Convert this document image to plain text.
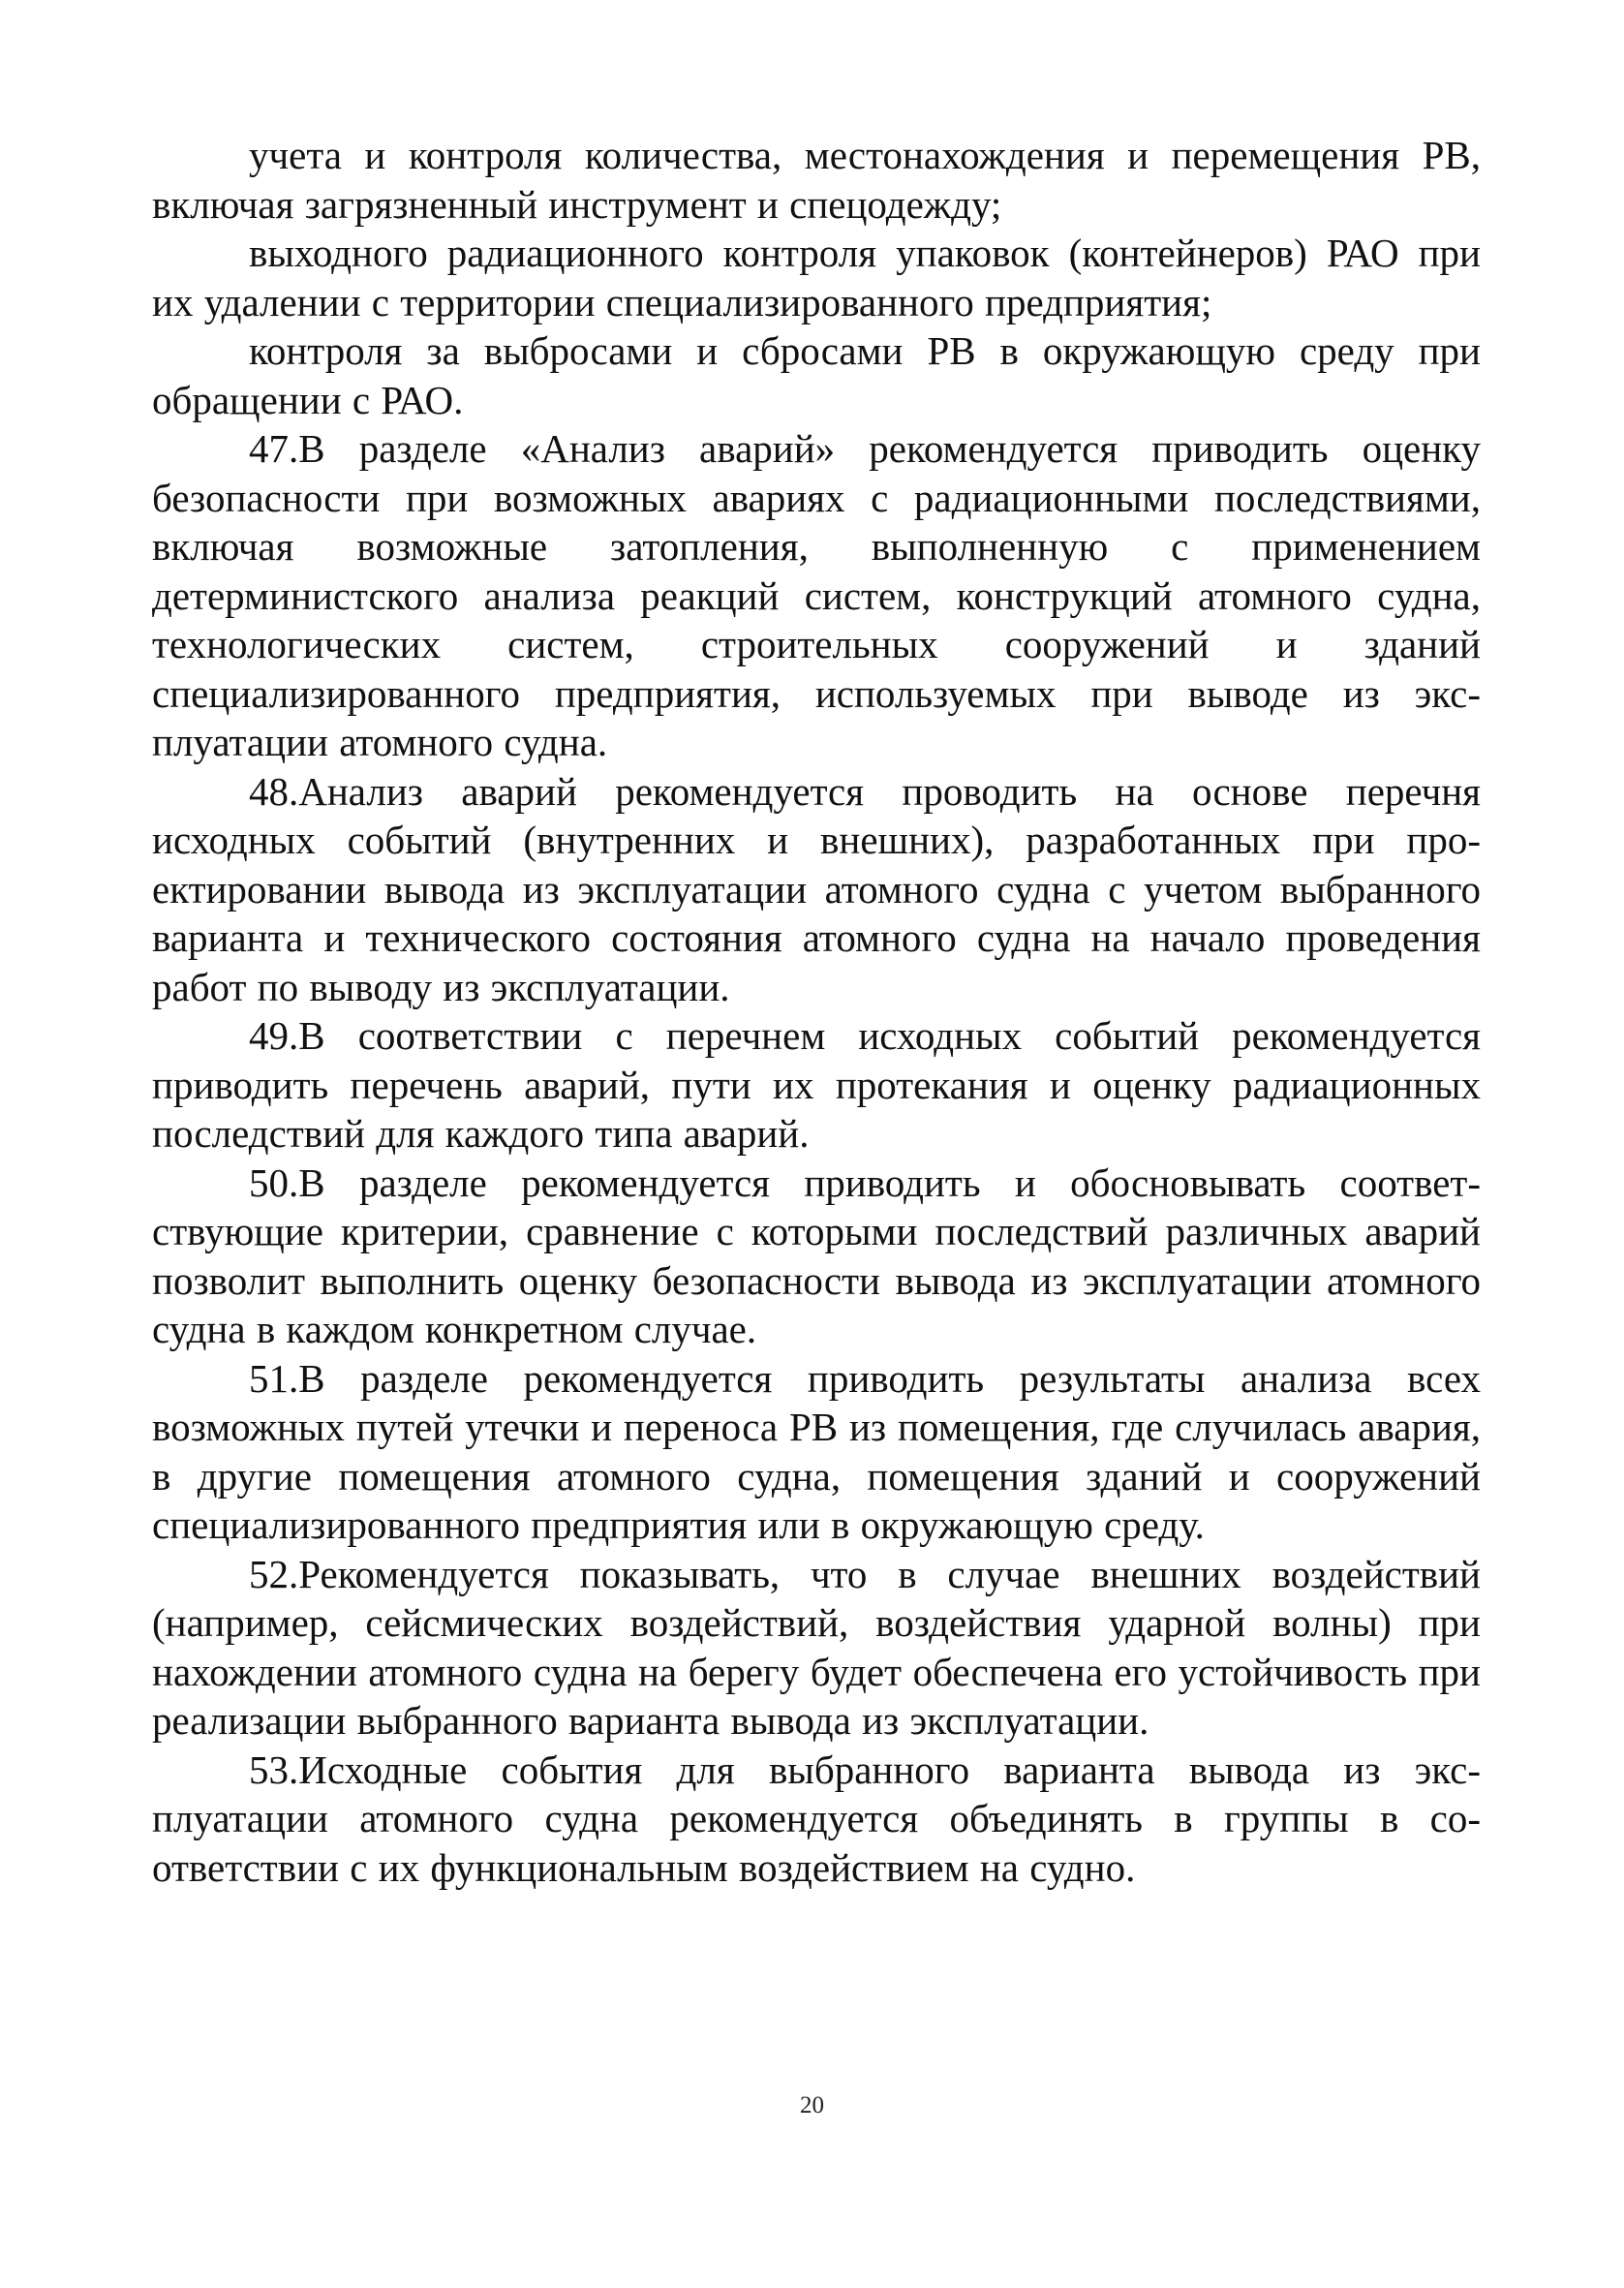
учета и контроля количества, местонахождения и перемещения РВ, включая загрязненный инструмент и спецодежду;

выходного радиационного контроля упаковок (контейнеров) РАО при их удалении с территории специализированного предприятия;

контроля за выбросами и сбросами РВ в окружающую среду при обращении с РАО.

47.В разделе «Анализ аварий» рекомендуется приводить оценку безопасности при возможных авариях с радиационными последствиями, включая возможные затопления, выполненную с применением детерминистского анализа реакций систем, конструкций атомного судна, технологических систем, строительных сооружений и зданий специализированного предприятия, используемых при выводе из эксплуатации атомного судна.

48.Анализ аварий рекомендуется проводить на основе перечня исходных событий (внутренних и внешних), разработанных при проектировании вывода из эксплуатации атомного судна с учетом выбранного варианта и технического состояния атомного судна на начало проведения работ по выводу из эксплуатации.

49.В соответствии с перечнем исходных событий рекомендуется приводить перечень аварий, пути их протекания и оценку радиационных последствий для каждого типа аварий.

50.В разделе рекомендуется приводить и обосновывать соответствующие критерии, сравнение с которыми последствий различных аварий позволит выполнить оценку безопасности вывода из эксплуатации атомного судна в каждом конкретном случае.

51.В разделе рекомендуется приводить результаты анализа всех возможных путей утечки и переноса РВ из помещения, где случилась авария, в другие помещения атомного судна, помещения зданий и сооружений специализированного предприятия или в окружающую среду.

52.Рекомендуется показывать, что в случае внешних воздействий (например, сейсмических воздействий, воздействия ударной волны) при нахождении атомного судна на берегу будет обеспечена его устойчивость при реализации выбранного варианта вывода из эксплуатации.

53.Исходные события для выбранного варианта вывода из эксплуатации атомного судна рекомендуется объединять в группы в соответствии с их функциональным воздействием на судно.

20
